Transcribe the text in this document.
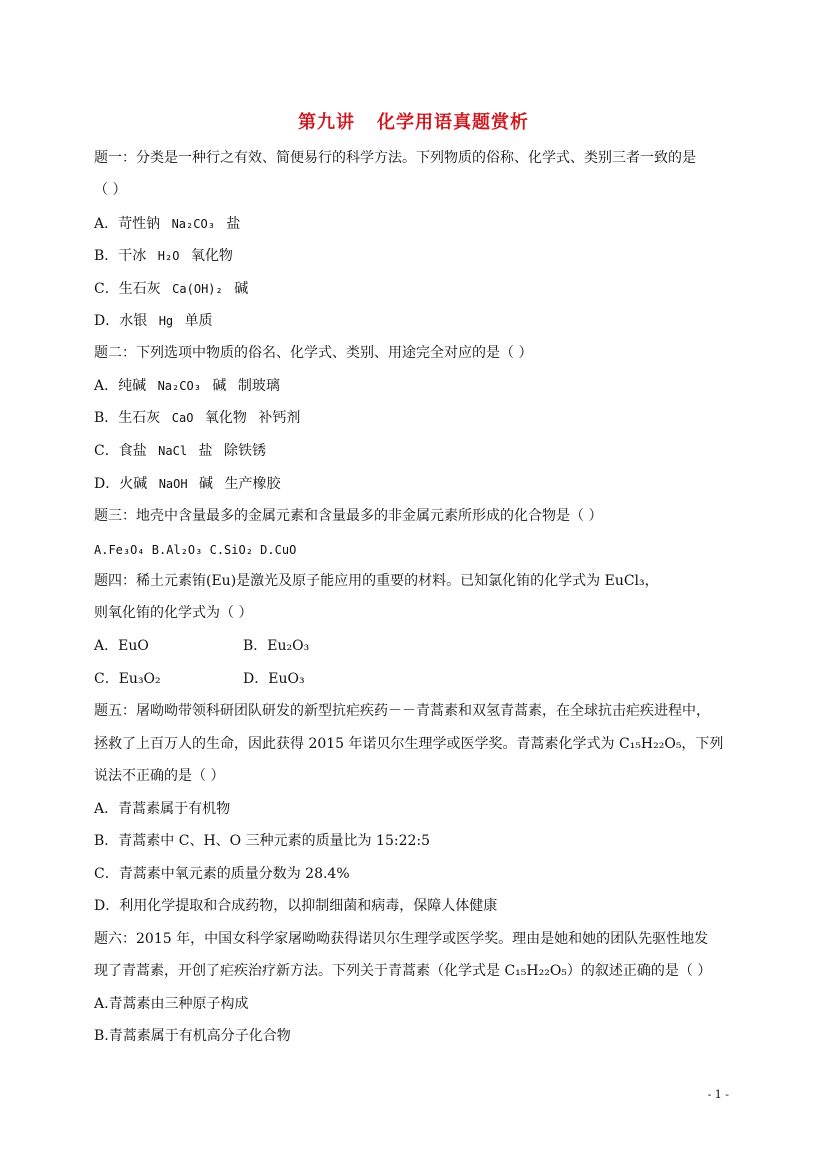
第九讲 化学用语真题赏析
题一：分类是一种行之有效、简便易行的科学方法。下列物质的俗称、化学式、类别三者一致的是
（ ）
A．苛性钠 Na₂CO₃ 盐
B．干冰 H₂O 氧化物
C．生石灰 Ca(OH)₂ 碱
D．水银 Hg 单质
题二：下列选项中物质的俗名、化学式、类别、用途完全对应的是（ ）
A．纯碱 Na₂CO₃ 碱 制玻璃
B．生石灰 CaO 氧化物 补钙剂
C．食盐 NaCl 盐 除铁锈
D．火碱 NaOH 碱 生产橡胶
题三：地壳中含量最多的金属元素和含量最多的非金属元素所形成的化合物是（ ）
A.Fe₃O₄ B.Al₂O₃ C.SiO₂ D.CuO
题四：稀土元素铕(Eu)是激光及原子能应用的重要的材料。已知氯化铕的化学式为 EuCl₃，
则氧化铕的化学式为（ ）
A．EuO	B．Eu₂O₃
C．Eu₃O₂	D．EuO₃
题五：屠呦呦带领科研团队研发的新型抗疟疾药－－青蒿素和双氢青蒿素，在全球抗击疟疾进程中，
拯救了上百万人的生命，因此获得 2015 年诺贝尔生理学或医学奖。青蒿素化学式为 C₁₅H₂₂O₅，下列
说法不正确的是（ ）
A．青蒿素属于有机物
B．青蒿素中 C、H、O 三种元素的质量比为 15:22:5
C．青蒿素中氧元素的质量分数为 28.4%
D．利用化学提取和合成药物，以抑制细菌和病毒，保障人体健康
题六：2015 年，中国女科学家屠呦呦获得诺贝尔生理学或医学奖。理由是她和她的团队先驱性地发
现了青蒿素，开创了疟疾治疗新方法。下列关于青蒿素（化学式是 C₁₅H₂₂O₅）的叙述正确的是（ ）
A.青蒿素由三种原子构成
B.青蒿素属于有机高分子化合物
- 1 -
